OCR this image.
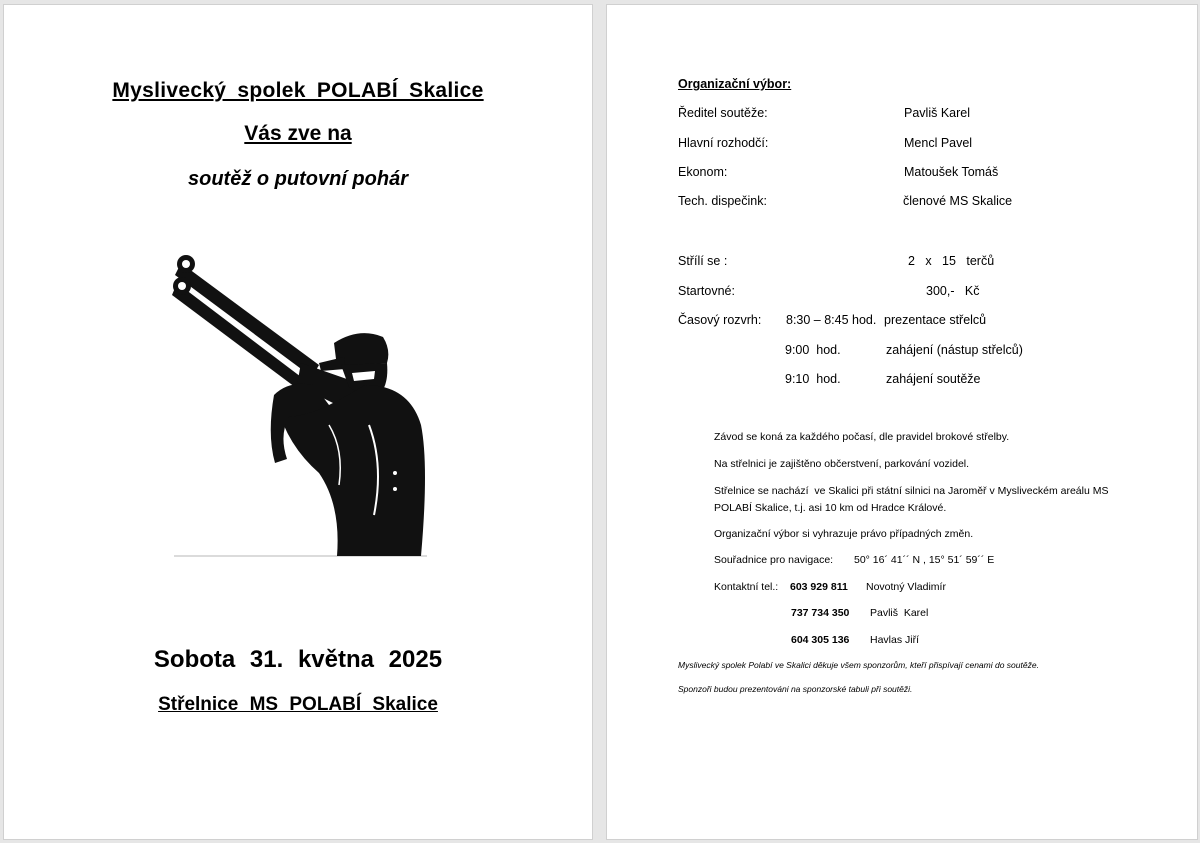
Myslivecký spolek POLABÍ Skalice
Vás zve na
soutěž o putovní pohár
Sobota 31. května 2025
Střelnice MS POLABÍ Skalice
Organizační výbor:
Ředitel soutěže:	Pavliš Karel
Hlavní rozhodčí:	Mencl Pavel
Ekonom:	Matoušek Tomáš
Tech. dispečink:	členové MS Skalice
Střílí se :	2   x   15   terčů
Startovné:	300,-   Kč
Časový rozvrh: 8:30 – 8:45 hod. prezentace střelců
9:00  hod.	zahájení (nástup střelců)
9:10  hod.	zahájení soutěže
Závod se koná za každého počasí, dle pravidel brokové střelby.
Na střelnici je zajištěno občerstvení, parkování vozidel.
Střelnice se nachází  ve Skalici při státní silnici na Jaroměř v Mysliveckém areálu MS
POLABÍ Skalice, t.j. asi 10 km od Hradce Králové.
Organizační výbor si vyhrazuje právo případných změn.
Souřadnice pro navigace: 50° 16´ 41´´ N , 15° 51´ 59´´ E
Kontaktní tel.: 603 929 811 Novotný Vladimír
737 734 350 Pavliš  Karel
604 305 136 Havlas Jiří
Myslivecký spolek Polabí ve Skalici děkuje všem sponzorům, kteří přispívají cenami do soutěže.
Sponzoři budou prezentováni na sponzorské tabuli při soutěži.
